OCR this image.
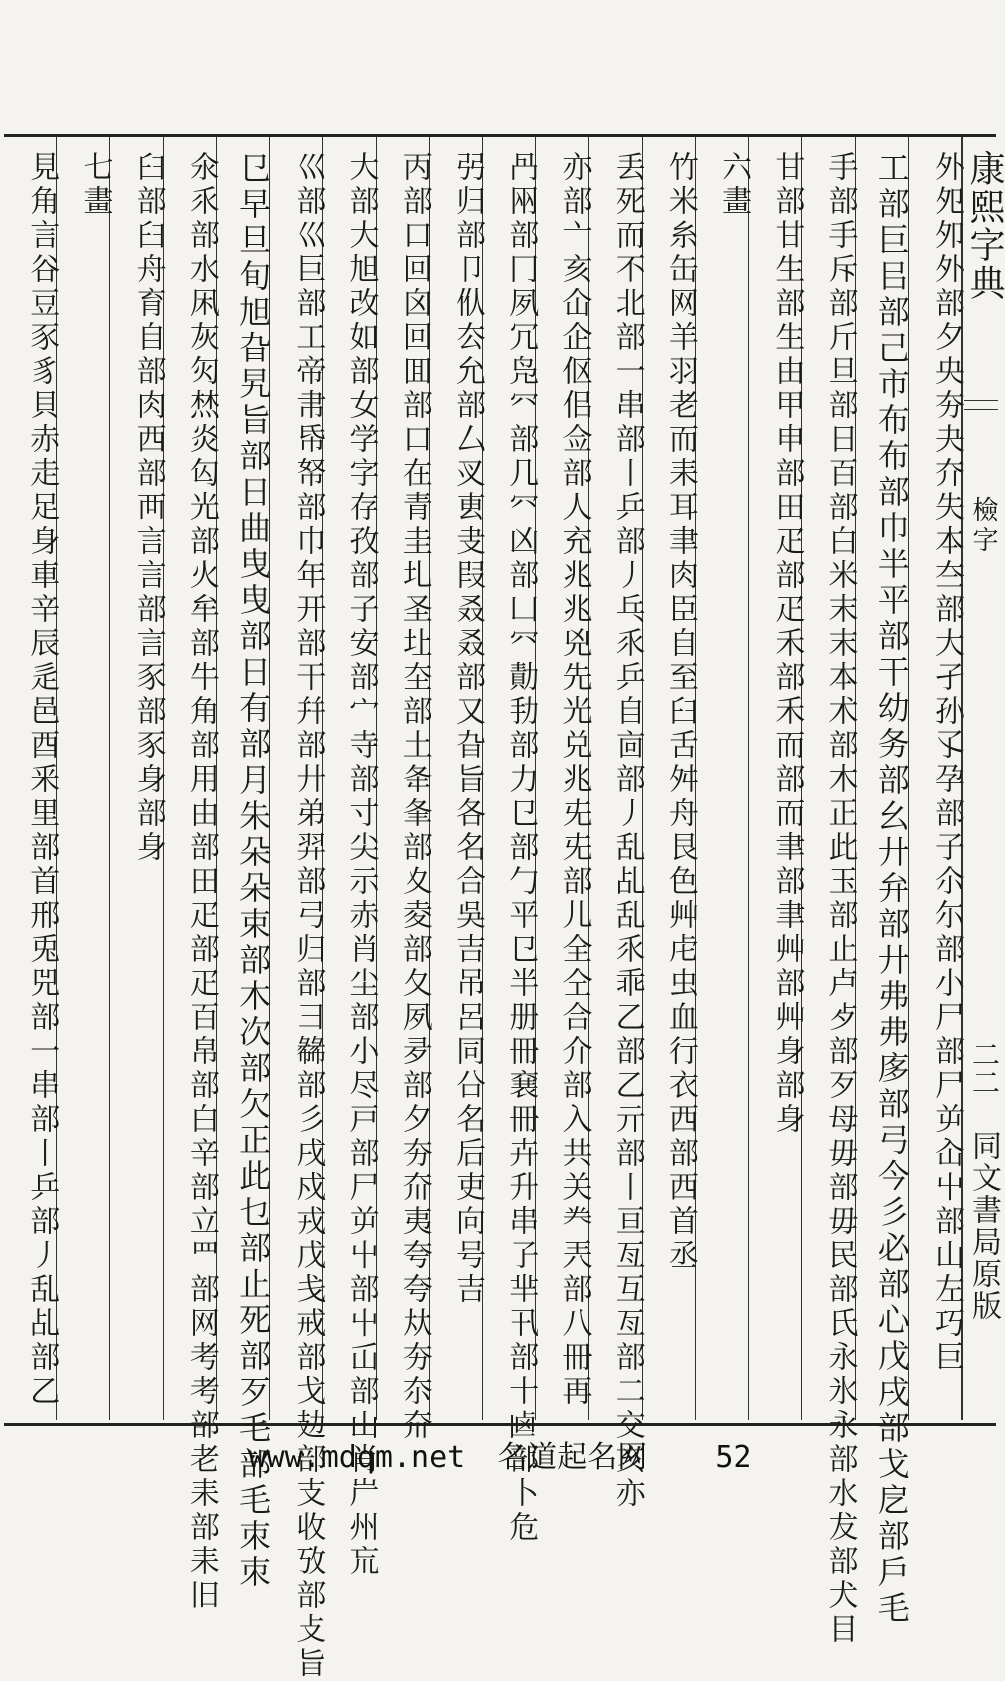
見角言谷豆豕豸貝赤走足身車辛辰辵邑酉釆里部首邢兎兕部一串部丨乒部丿乱乩部乙 七畫 臼部臼舟育自部肉西部襾言言部言豕部豕身部身 氽乑部水凩灰灳㷊炎匃光部火牟部牛角部用由部田疋部疋百帛部白辛部立罒部网考考部老耒部耒旧 㔾早旦旬旭旮旯旨部日曲曳曳部日有部月朱朵朵束部木次部欠正此乜部止死部歹毛部毛朿朿 巛部巛巨部工帝帇帋帑部巾年开部干幷部廾弟羿部弓归部彐㣈部彡戌戍戎戊戋戒部戈攰部支收攷部攴旨 大部大旭改如部女学字存孜部子安部宀寺部寸尖示赤肖尘部小尽戸部尸屰屮部屮屲部山肖屵州巟 丙部口回囟回囬部口在青圭圠圣圵圶部土夅夆部夊夌部夂夙夛部夕夯夼夷夸夸夶夯夵夼 弜归部卩㐺厺允部厶㕚叀叏叚叒叒部又旮旨各名合吳吉吊呂同㕣名后吏向号吉 冎㒳部冂夙冗凫㓁部几㓁凶部凵㓁勣劧部力㔾部勹平㔾半册冊㐮冊卉升串孒芈卂部十𠧟部卜危 亦部亠亥仚企伛佀佥部人充兆兆兇先光兑兆兂兂部儿全仝合介部入共关龹兲部八冊再 丢死而不北部一串部丨乒部丿乓乑乒自㐭部丿乱乩乱乑乖乙部乙亓部丨亘亙互亙部二交亥亦 竹米糸缶网羊羽老而耒耳聿肉臣自至臼舌舛舟艮色艸虍虫血行衣西部西首丞 六畫 甘部甘生部生由甲申部田疋部疋禾部禾而部而聿部聿艸部艸身部身 手部手斥部斤旦部日百部白米末末本术部木正此玉部止卢歺部歹母毋部毋民部氏永氷永部水犮部犬目 工部巨㠯部己市布布部巾半平部干幼务部幺廾弁部廾弗弗㢁部弓今彡必部心戊戌部戈戹部戶毛 外夗夘外部夕央夯夬夰失本夳部大孑孙孓孕部子尒尓部小尸部尸屰屳屮部山左巧巨 康熙字典
檢字
二二
同文書局原版
www.mdqm.net 名道起名网 52
